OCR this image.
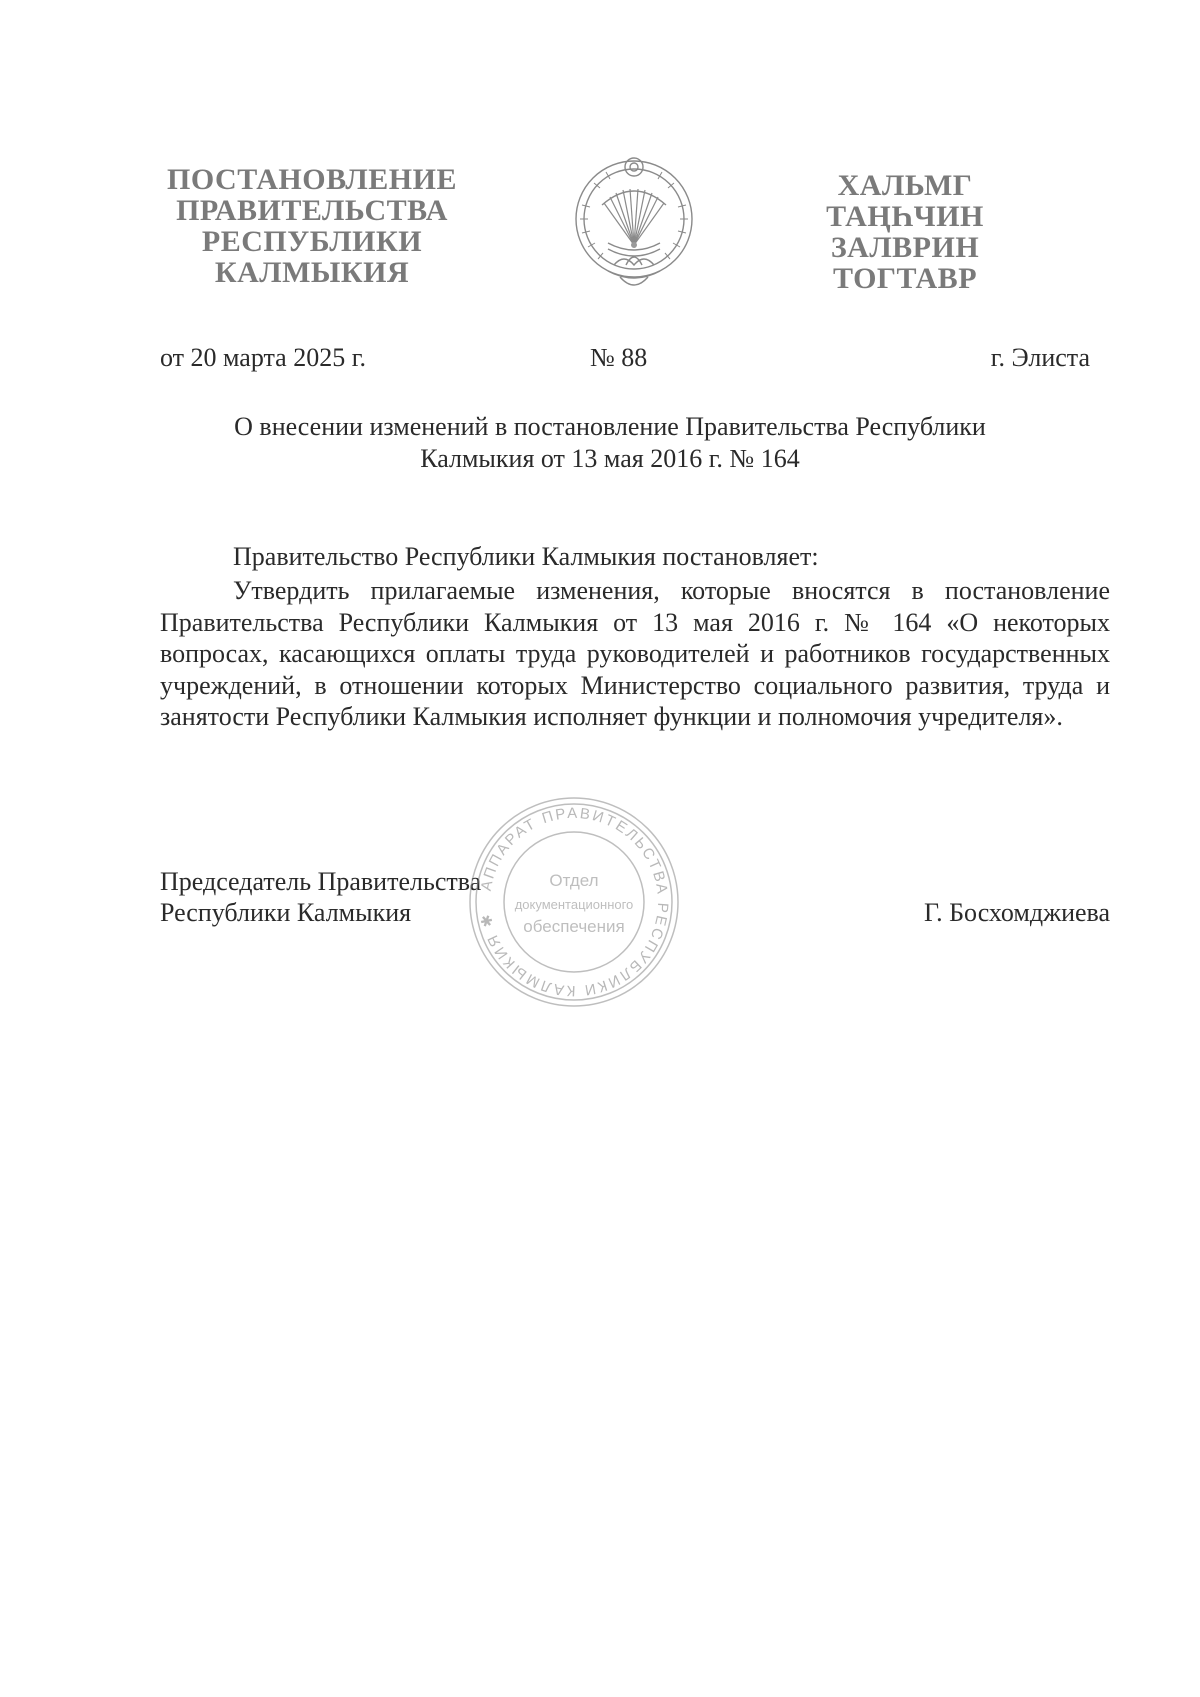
ПОСТАНОВЛЕНИЕ
ПРАВИТЕЛЬСТВА
РЕСПУБЛИКИ
КАЛМЫКИЯ
ХАЛЬМГ
ТАҢҺЧИН
ЗАЛВРИН
ТОГТАВР
от 20 марта 2025 г.	№ 88	г. Элиста
О внесении изменений в постановление Правительства Республики
Калмыкия от 13 мая 2016 г. № 164
Правительство Республики Калмыкия постановляет:
Утвердить прилагаемые изменения, которые вносятся в постановление Правительства Республики Калмыкия от 13 мая 2016 г. № 164 «О некоторых вопросах, касающихся оплаты труда руководителей и работников государственных учреждений, в отношении которых Министерство социального развития, труда и занятости Республики Калмыкия исполняет функции и полномочия учредителя».
Председатель Правительства
Республики Калмыкия	Г. Босхомджиева
АППАРАТ ПРАВИТЕЛЬСТВА РЕСПУБЛИКИ КАЛМЫКИЯ ✱
Отдел
документационного
обеспечения
